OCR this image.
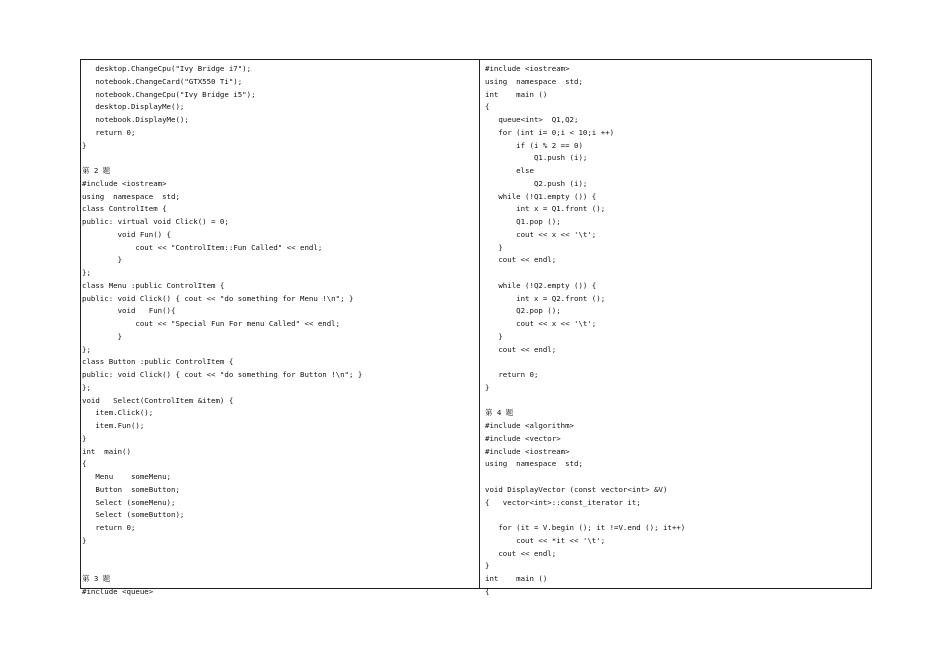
desktop.ChangeCpu("Ivy Bridge i7");
notebook.ChangeCard("GTX550 Ti");
notebook.ChangeCpu("Ivy Bridge i5");
desktop.DisplayMe();
notebook.DisplayMe();
return 0;
}
第 2 题
#include <iostream>
using  namespace  std;
class ControlItem {
public: virtual void Click() = 0;
void Fun() {
cout << "ControlItem::Fun Called" << endl;
}
};
class Menu :public ControlItem {
public: void Click() { cout << "do something for Menu !\n"; }
void   Fun(){
cout << "Special Fun For menu Called" << endl;
}
};
class Button :public ControlItem {
public: void Click() { cout << "do something for Button !\n"; }
};
void   Select(ControlItem &item) {
item.Click();
item.Fun();
}
int  main()
{
Menu    someMenu;
Button  someButton;
Select (someMenu);
Select (someButton);
return 0;
}
第 3 题
#include <queue>
#include <iostream>
using  namespace  std;
int    main ()
{
queue<int>  Q1,Q2;
for (int i= 0;i < 10;i ++)
if (i % 2 == 0)
Q1.push (i);
else
Q2.push (i);
while (!Q1.empty ()) {
int x = Q1.front ();
Q1.pop ();
cout << x << '\t';
}
cout << endl;
while (!Q2.empty ()) {
int x = Q2.front ();
Q2.pop ();
cout << x << '\t';
}
cout << endl;
return 0;
}
第 4 题
#include <algorithm>
#include <vector>
#include <iostream>
using  namespace  std;
void DisplayVector (const vector<int> &V)
{   vector<int>::const_iterator it;
for (it = V.begin (); it !=V.end (); it++)
cout << *it << '\t';
cout << endl;
}
int    main ()
{
